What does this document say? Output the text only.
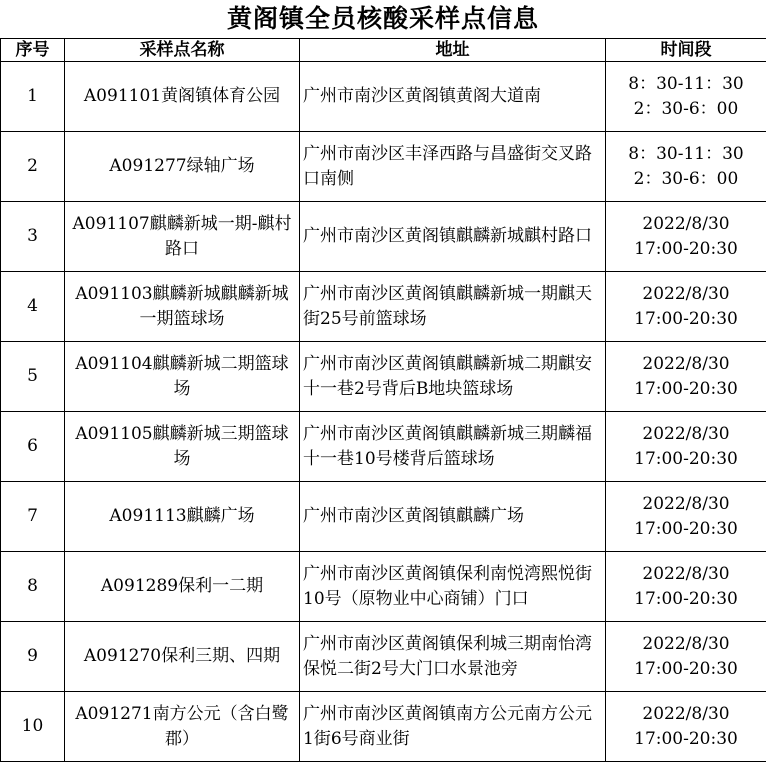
黄阁镇全员核酸采样点信息
序号	采样点名称	地址	时间段
1	A091101黄阁镇体育公园	广州市南沙区黄阁镇黄阁大道南	8：30-11：30
2：30-6：00

2	A091277绿轴广场	广州市南沙区丰泽西路与昌盛街交叉路口南侧	8：30-11：30
2：30-6：00

3	A091107麒麟新城一期-麒村路口	广州市南沙区黄阁镇麒麟新城麒村路口	2022/8/30
17:00-20:30

4	A091103麒麟新城麒麟新城一期篮球场	广州市南沙区黄阁镇麒麟新城一期麒天街25号前篮球场	2022/8/30
17:00-20:30

5	A091104麒麟新城二期篮球场	广州市南沙区黄阁镇麒麟新城二期麒安十一巷2号背后B地块篮球场	2022/8/30
17:00-20:30

6	A091105麒麟新城三期篮球场	广州市南沙区黄阁镇麒麟新城三期麟福十一巷10号楼背后篮球场	2022/8/30
17:00-20:30

7	A091113麒麟广场	广州市南沙区黄阁镇麒麟广场	2022/8/30
17:00-20:30

8	A091289保利一二期	广州市南沙区黄阁镇保利南悦湾熙悦街10号（原物业中心商铺）门口	2022/8/30
17:00-20:30

9	A091270保利三期、四期	广州市南沙区黄阁镇保利城三期南怡湾保悦二街2号大门口水景池旁	2022/8/30
17:00-20:30

10	A091271南方公元（含白鹭郡）	广州市南沙区黄阁镇南方公元南方公元1街6号商业街	2022/8/30
17:00-20:30
